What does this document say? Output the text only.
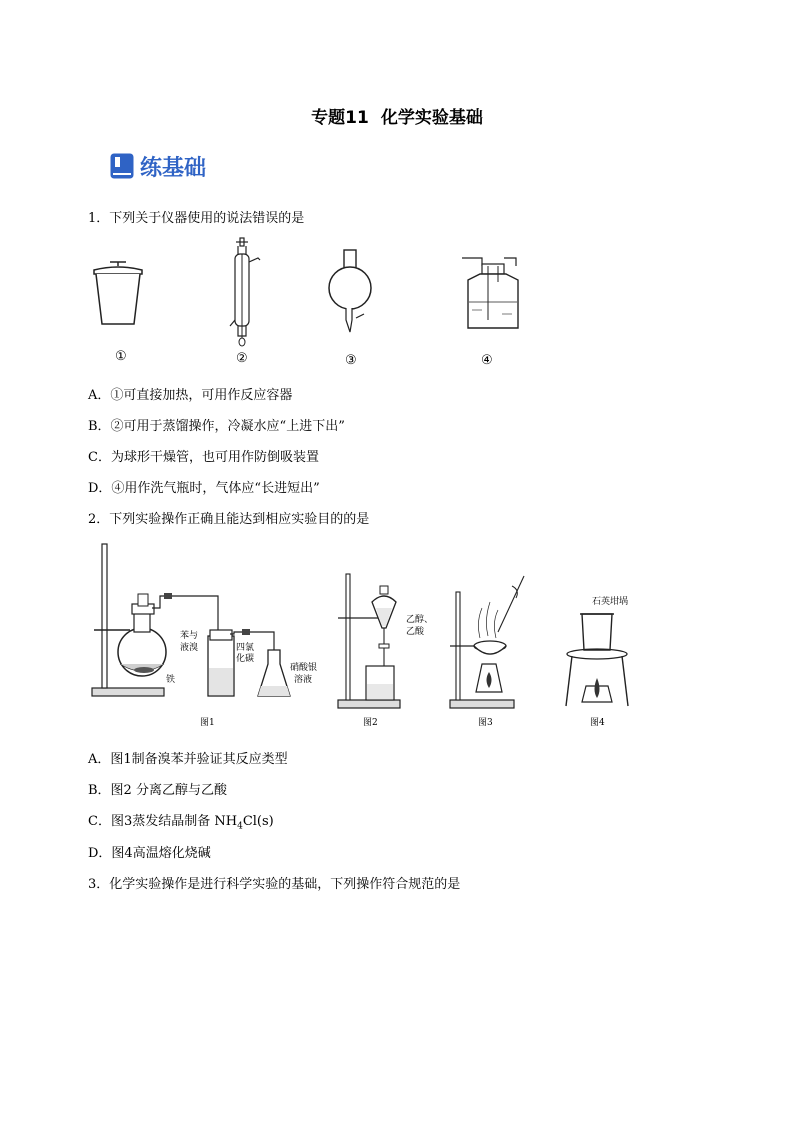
专题11 化学实验基础
练基础
1．下列关于仪器使用的说法错误的是
①	②	③	④
A．①可直接加热，可用作反应容器
B．②可用于蒸馏操作，冷凝水应“上进下出”
C．为球形干燥管，也可用作防倒吸装置
D．④用作洗气瓶时，气体应“长进短出”
2．下列实验操作正确且能达到相应实验目的的是
苯与
液溴
铁
四氯
化碳
硝酸银
溶液
图1
乙醇、
乙酸
图2	图3
石英坩埚
图4
A．图1制备溴苯并验证其反应类型
B．图2 分离乙醇与乙酸
C．图3蒸发结晶制备 $NH_4Cl(s)$
D．图4高温熔化烧碱
3．化学实验操作是进行科学实验的基础，下列操作符合规范的是
